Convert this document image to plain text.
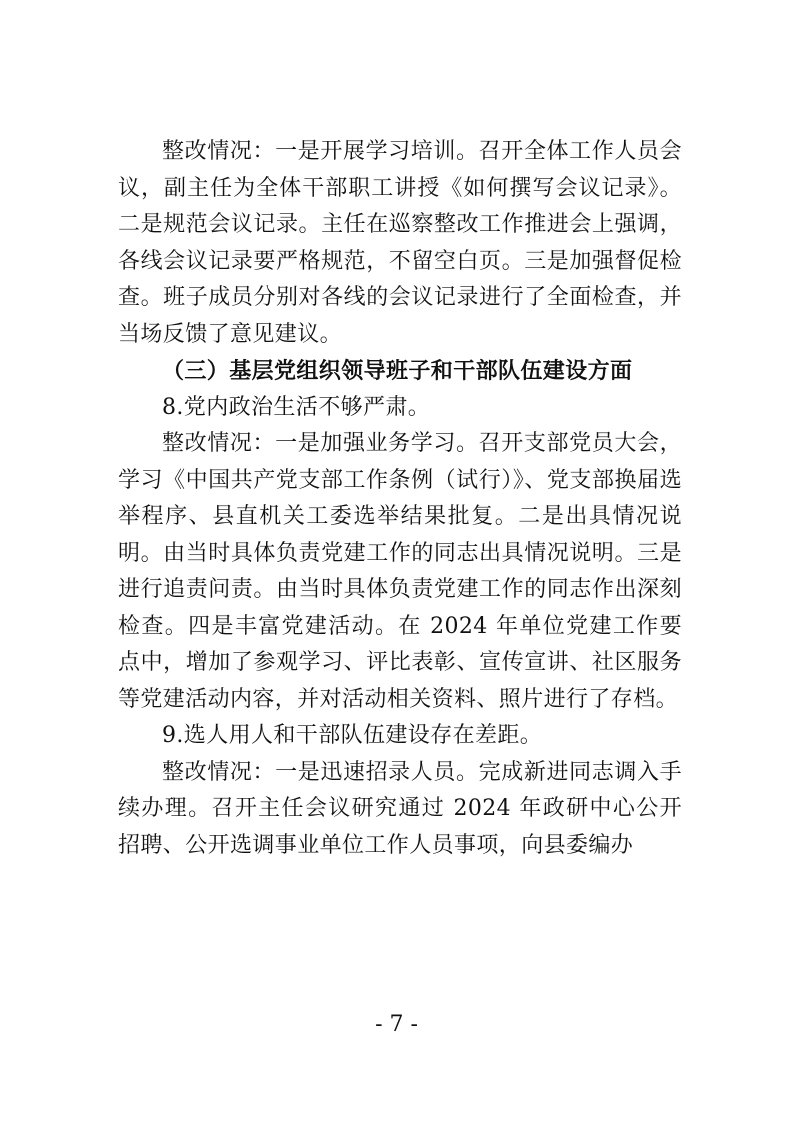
整改情况：一是开展学习培训。召开全体工作人员会议，副主任为全体干部职工讲授《如何撰写会议记录》。二是规范会议记录。主任在巡察整改工作推进会上强调，各线会议记录要严格规范，不留空白页。三是加强督促检查。班子成员分别对各线的会议记录进行了全面检查，并当场反馈了意见建议。

（三）基层党组织领导班子和干部队伍建设方面

8.党内政治生活不够严肃。

整改情况：一是加强业务学习。召开支部党员大会，学习《中国共产党支部工作条例（试行）》、党支部换届选举程序、县直机关工委选举结果批复。二是出具情况说明。由当时具体负责党建工作的同志出具情况说明。三是进行追责问责。由当时具体负责党建工作的同志作出深刻检查。四是丰富党建活动。在 2024 年单位党建工作要点中，增加了参观学习、评比表彰、宣传宣讲、社区服务等党建活动内容，并对活动相关资料、照片进行了存档。

9.选人用人和干部队伍建设存在差距。

整改情况：一是迅速招录人员。完成新进同志调入手续办理。召开主任会议研究通过 2024 年政研中心公开招聘、公开选调事业单位工作人员事项，向县委编办

- 7 -
